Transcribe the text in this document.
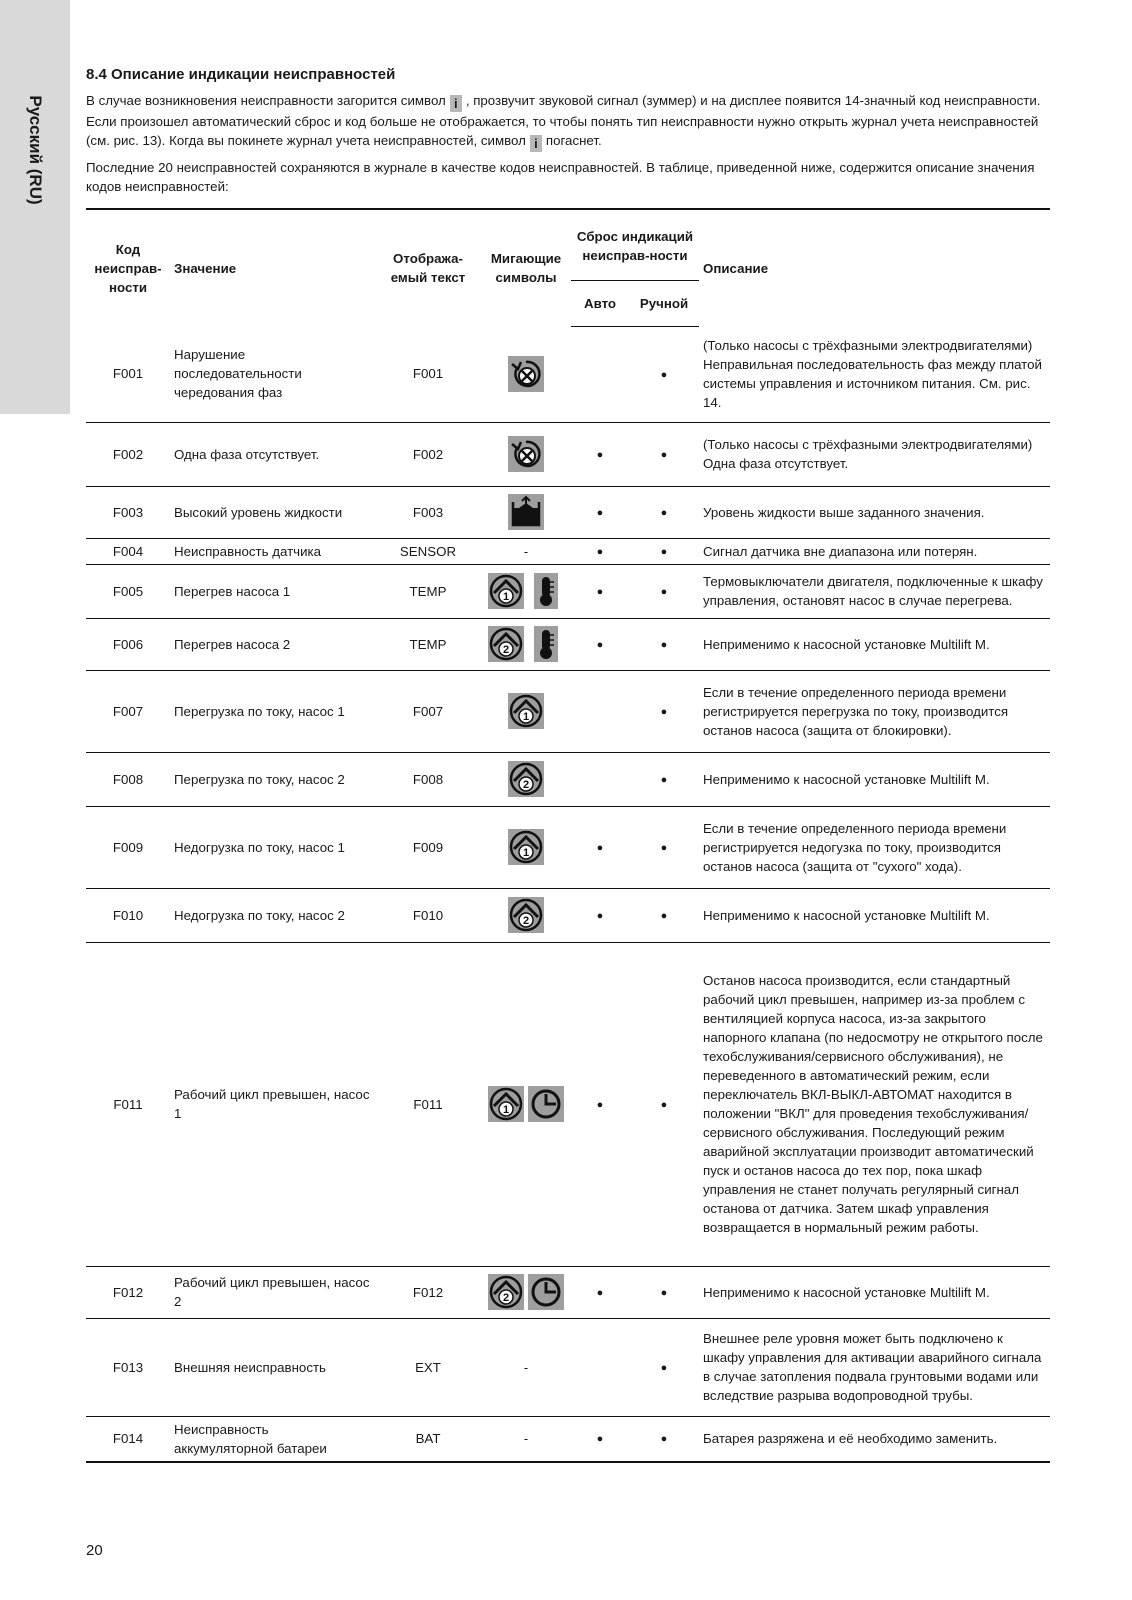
Русский (RU)
8.4 Описание индикации неисправностей

В случае возникновения неисправности загорится символ i , прозвучит звуковой сигнал (зуммер) и на дисплее появится 14-значный код неисправности. Если произошел автоматический сброс и код больше не отображается, то чтобы понять тип неисправности нужно открыть журнал учета неисправностей (см. рис. 13). Когда вы покинете журнал учета неисправностей, символ i погаснет.

Последние 20 неисправностей сохраняются в журнале в качестве кодов неисправностей. В таблице, приведенной ниже, содержится описание значения кодов неисправностей:

Код неисправ-ности	Значение	Отобража-емый текст	Мигающие символы	Сброс индикаций неисправ-ности		Описание
				Авто	Ручной	
F001	Нарушение последовательности чередования фаз	F001			●	(Только насосы с трёхфазными электродвигателями) Неправильная последовательность фаз между платой системы управления и источником питания. См. рис. 14.
F002	Одна фаза отсутствует.	F002		●	●	(Только насосы с трёхфазными электродвигателями) Одна фаза отсутствует.
F003	Высокий уровень жидкости	F003		●	●	Уровень жидкости выше заданного значения.
F004	Неисправность датчика	SENSOR	-	●	●	Сигнал датчика вне диапазона или потерян.
F005	Перегрев насоса 1	TEMP	1	●	●	Термовыключатели двигателя, подключенные к шкафу управления, остановят насос в случае перегрева.
F006	Перегрев насоса 2	TEMP	2	●	●	Неприменимо к насосной установке Multilift M.
F007	Перегрузка по току, насос 1	F007	1		●	Если в течение определенного периода времени регистрируется перегрузка по току, производится останов насоса (защита от блокировки).
F008	Перегрузка по току, насос 2	F008	2		●	Неприменимо к насосной установке Multilift M.
F009	Недогрузка по току, насос 1	F009	1	●	●	Если в течение определенного периода времени регистрируется недогузка по току, производится останов насоса (защита от "сухого" хода).
F010	Недогрузка по току, насос 2	F010	2	●	●	Неприменимо к насосной установке Multilift M.
F011	Рабочий цикл превышен, насос 1	F011	1	●	●	Останов насоса производится, если стандартный рабочий цикл превышен, например из-за проблем с вентиляцией корпуса насоса, из-за закрытого напорного клапана (по недосмотру не открытого после техобслуживания/сервисного обслуживания), не переведенного в автоматический режим, если переключатель ВКЛ-ВЫКЛ-АВТОМАТ находится в положении "ВКЛ" для проведения техобслуживания/сервисного обслуживания. Последующий режим аварийной эксплуатации производит автоматический пуск и останов насоса до тех пор, пока шкаф управления не станет получать регулярный сигнал останова от датчика. Затем шкаф управления возвращается в нормальный режим работы.
F012	Рабочий цикл превышен, насос 2	F012	2	●	●	Неприменимо к насосной установке Multilift M.
F013	Внешняя неисправность	EXT	-		●	Внешнее реле уровня может быть подключено к шкафу управления для активации аварийного сигнала в случае затопления подвала грунтовыми водами или вследствие разрыва водопроводной трубы.
F014	Неисправность аккумуляторной батареи	BAT	-	●	●	Батарея разряжена и её необходимо заменить.
20
